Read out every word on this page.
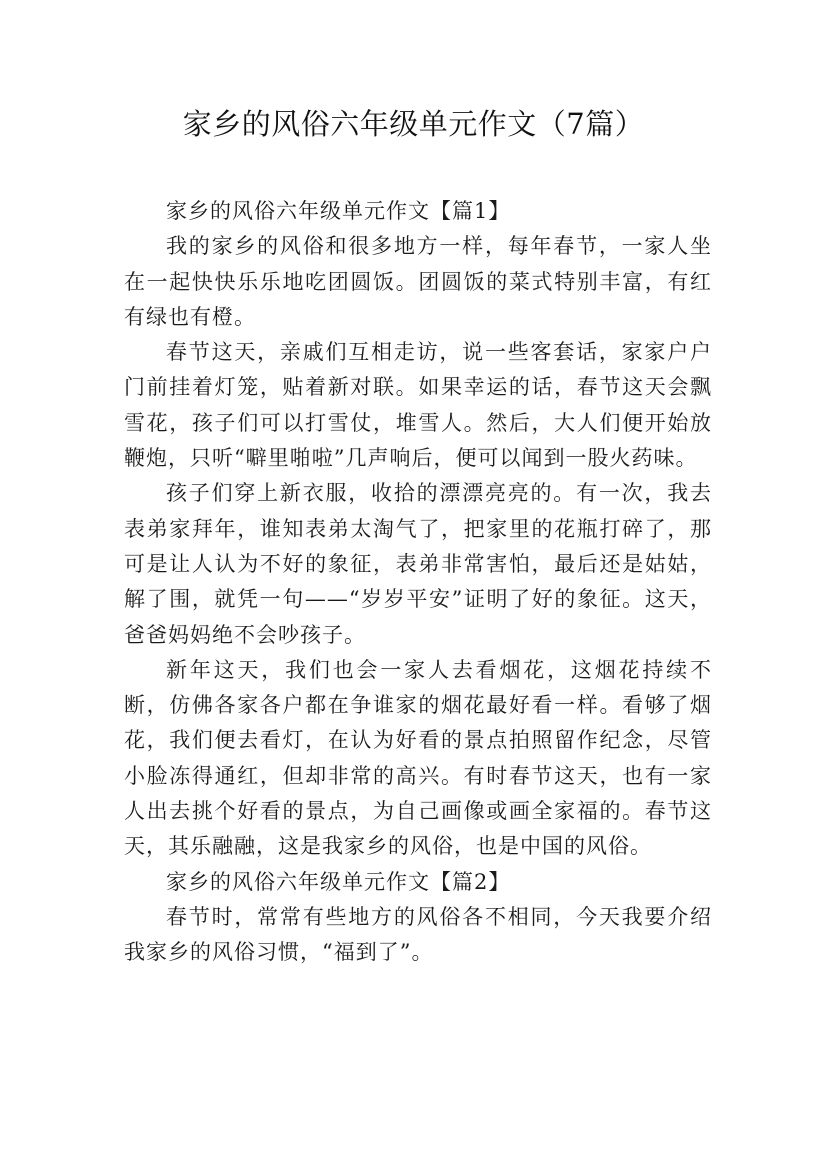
家乡的风俗六年级单元作文（7篇）

家乡的风俗六年级单元作文【篇1】

我的家乡的风俗和很多地方一样，每年春节，一家人坐在一起快快乐乐地吃团圆饭。团圆饭的菜式特别丰富，有红有绿也有橙。

春节这天，亲戚们互相走访，说一些客套话，家家户户门前挂着灯笼，贴着新对联。如果幸运的话，春节这天会飘雪花，孩子们可以打雪仗，堆雪人。然后，大人们便开始放鞭炮，只听“噼里啪啦”几声响后，便可以闻到一股火药味。

孩子们穿上新衣服，收拾的漂漂亮亮的。有一次，我去表弟家拜年，谁知表弟太淘气了，把家里的花瓶打碎了，那可是让人认为不好的象征，表弟非常害怕，最后还是姑姑，解了围，就凭一句——“岁岁平安”证明了好的象征。这天，爸爸妈妈绝不会吵孩子。

新年这天，我们也会一家人去看烟花，这烟花持续不断，仿佛各家各户都在争谁家的烟花最好看一样。看够了烟花，我们便去看灯，在认为好看的景点拍照留作纪念，尽管小脸冻得通红，但却非常的高兴。有时春节这天，也有一家人出去挑个好看的景点，为自己画像或画全家福的。春节这天，其乐融融，这是我家乡的风俗，也是中国的风俗。

家乡的风俗六年级单元作文【篇2】

春节时，常常有些地方的风俗各不相同，今天我要介绍我家乡的风俗习惯，“福到了”。
